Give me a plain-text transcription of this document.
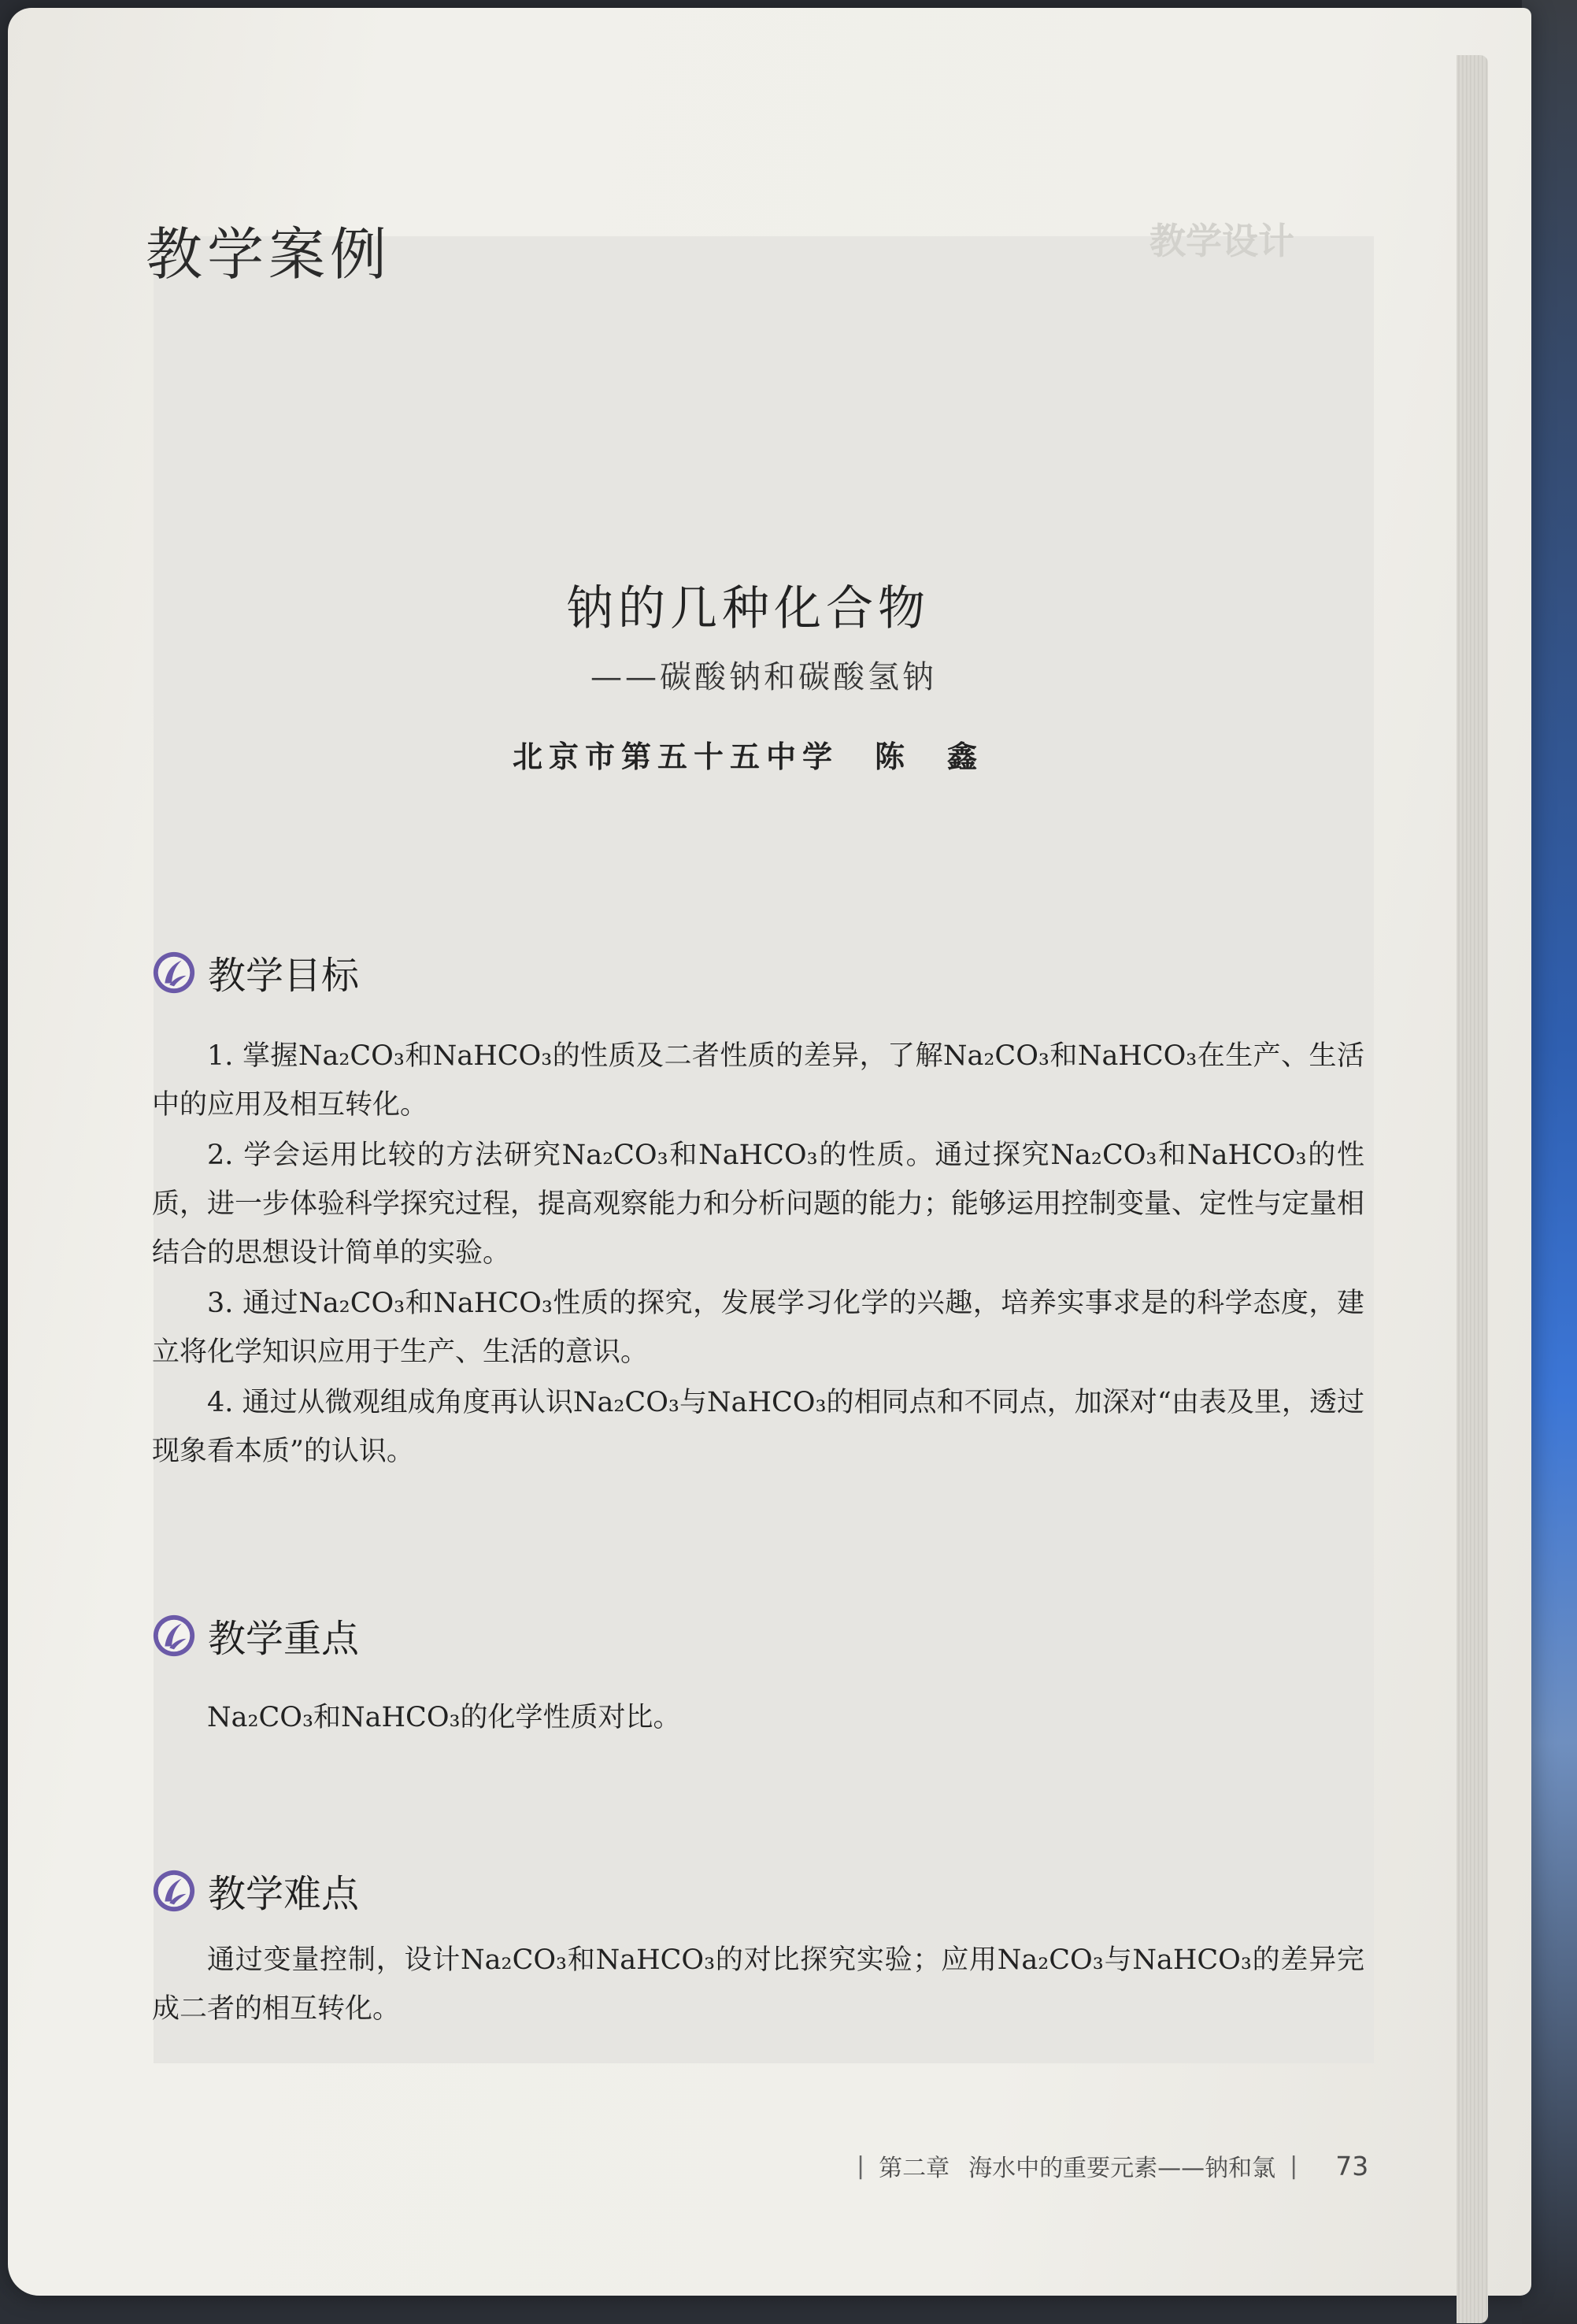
教学案例	教学设计
钠的几种化合物
——碳酸钠和碳酸氢钠
北京市第五十五中学　陈　鑫
教学目标

1. 掌握Na₂CO₃和NaHCO₃的性质及二者性质的差异，了解Na₂CO₃和NaHCO₃在生产、生活中的应用及相互转化。

2. 学会运用比较的方法研究Na₂CO₃和NaHCO₃的性质。通过探究Na₂CO₃和NaHCO₃的性质，进一步体验科学探究过程，提高观察能力和分析问题的能力；能够运用控制变量、定性与定量相结合的思想设计简单的实验。

3. 通过Na₂CO₃和NaHCO₃性质的探究，发展学习化学的兴趣，培养实事求是的科学态度，建立将化学知识应用于生产、生活的意识。

4. 通过从微观组成角度再认识Na₂CO₃与NaHCO₃的相同点和不同点，加深对“由表及里，透过现象看本质”的认识。

教学重点

Na₂CO₃和NaHCO₃的化学性质对比。

教学难点

通过变量控制，设计Na₂CO₃和NaHCO₃的对比探究实验；应用Na₂CO₃与NaHCO₃的差异完成二者的相互转化。

| 第二章 海水中的重要元素——钠和氯 | 73
